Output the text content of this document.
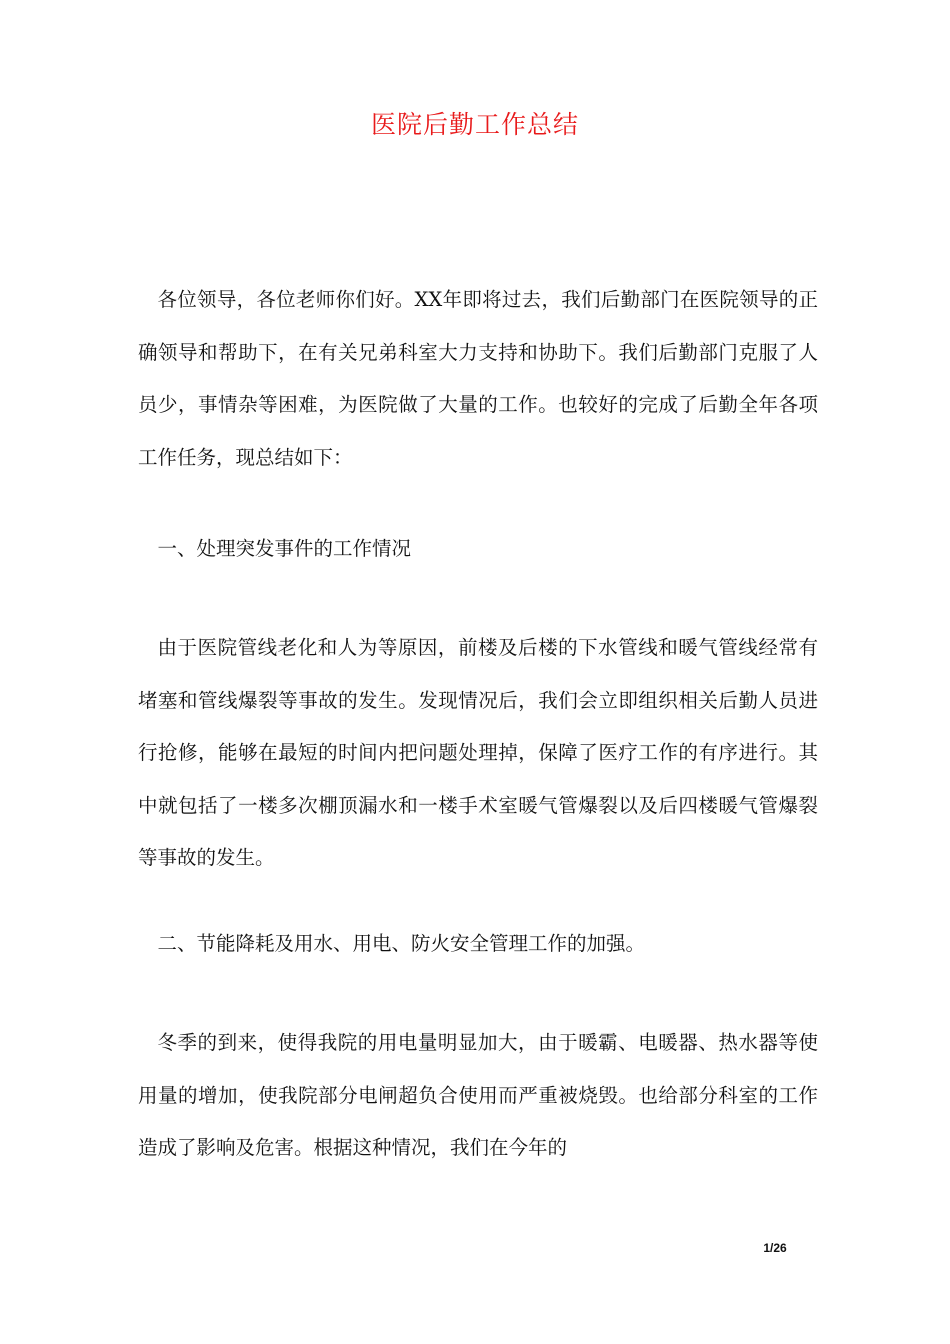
医院后勤工作总结

各位领导，各位老师你们好。XX年即将过去，我们后勤部门在医院领导的正确领导和帮助下，在有关兄弟科室大力支持和协助下。我们后勤部门克服了人员少，事情杂等困难，为医院做了大量的工作。也较好的完成了后勤全年各项工作任务，现总结如下：

一、处理突发事件的工作情况

由于医院管线老化和人为等原因，前楼及后楼的下水管线和暖气管线经常有堵塞和管线爆裂等事故的发生。发现情况后，我们会立即组织相关后勤人员进行抢修，能够在最短的时间内把问题处理掉，保障了医疗工作的有序进行。其中就包括了一楼多次棚顶漏水和一楼手术室暖气管爆裂以及后四楼暖气管爆裂等事故的发生。

二、节能降耗及用水、用电、防火安全管理工作的加强。

冬季的到来，使得我院的用电量明显加大，由于暖霸、电暖器、热水器等使用量的增加，使我院部分电闸超负合使用而严重被烧毁。也给部分科室的工作造成了影响及危害。根据这种情况，我们在今年的

1/26
